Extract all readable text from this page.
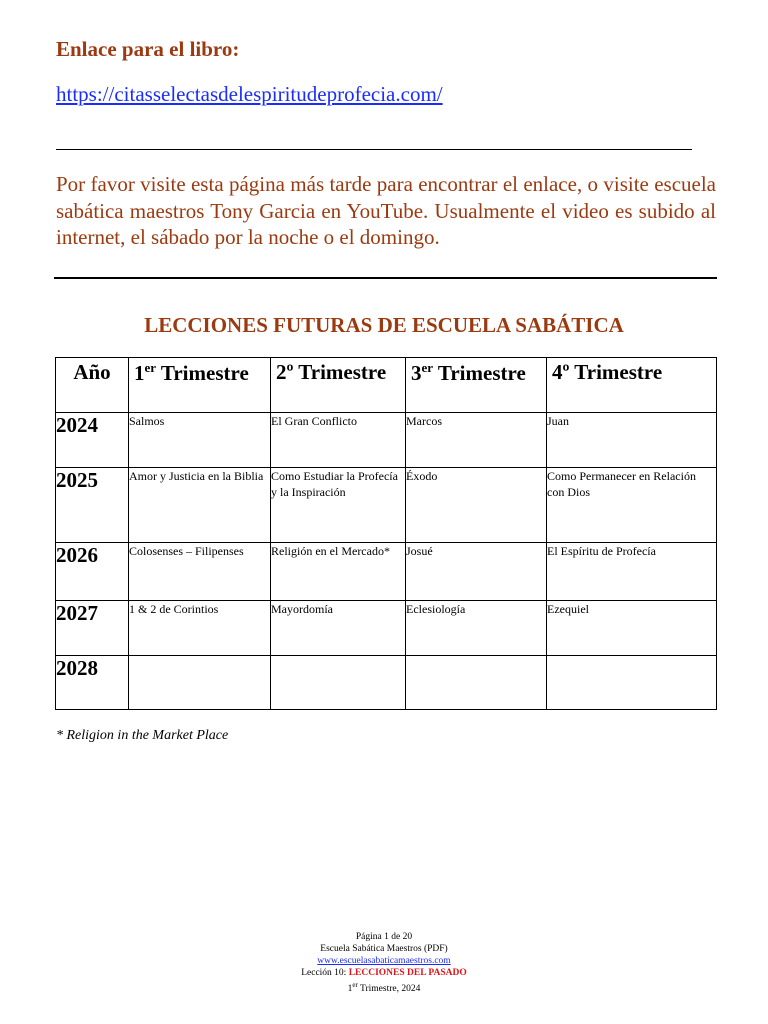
Enlace para el libro:
https://citasselectasdelespiritudeprofecia.com/
Por favor visite esta página más tarde para encontrar el enlace, o visite escuela sabática maestros Tony Garcia en YouTube. Usualmente el video es subido al internet, el sábado por la noche o el domingo.
LECCIONES FUTURAS DE ESCUELA SABÁTICA
Año	1er Trimestre	2º Trimestre	3er Trimestre	4º Trimestre
2024	Salmos	El Gran Conflicto	Marcos	Juan
2025	Amor y Justicia en la Biblia	Como Estudiar la Profecía y la Inspiración	Éxodo	Como Permanecer en Relación con Dios
2026	Colosenses – Filipenses	Religión en el Mercado*	Josué	El Espíritu de Profecía
2027	1 & 2 de Corintios	Mayordomía	Eclesiología	Ezequiel
2028				
* Religion in the Market Place
Página 1 de 20
Escuela Sabática Maestros (PDF)
www.escuelasabaticamaestros.com
Lección 10: LECCIONES DEL PASADO
1er Trimestre, 2024
